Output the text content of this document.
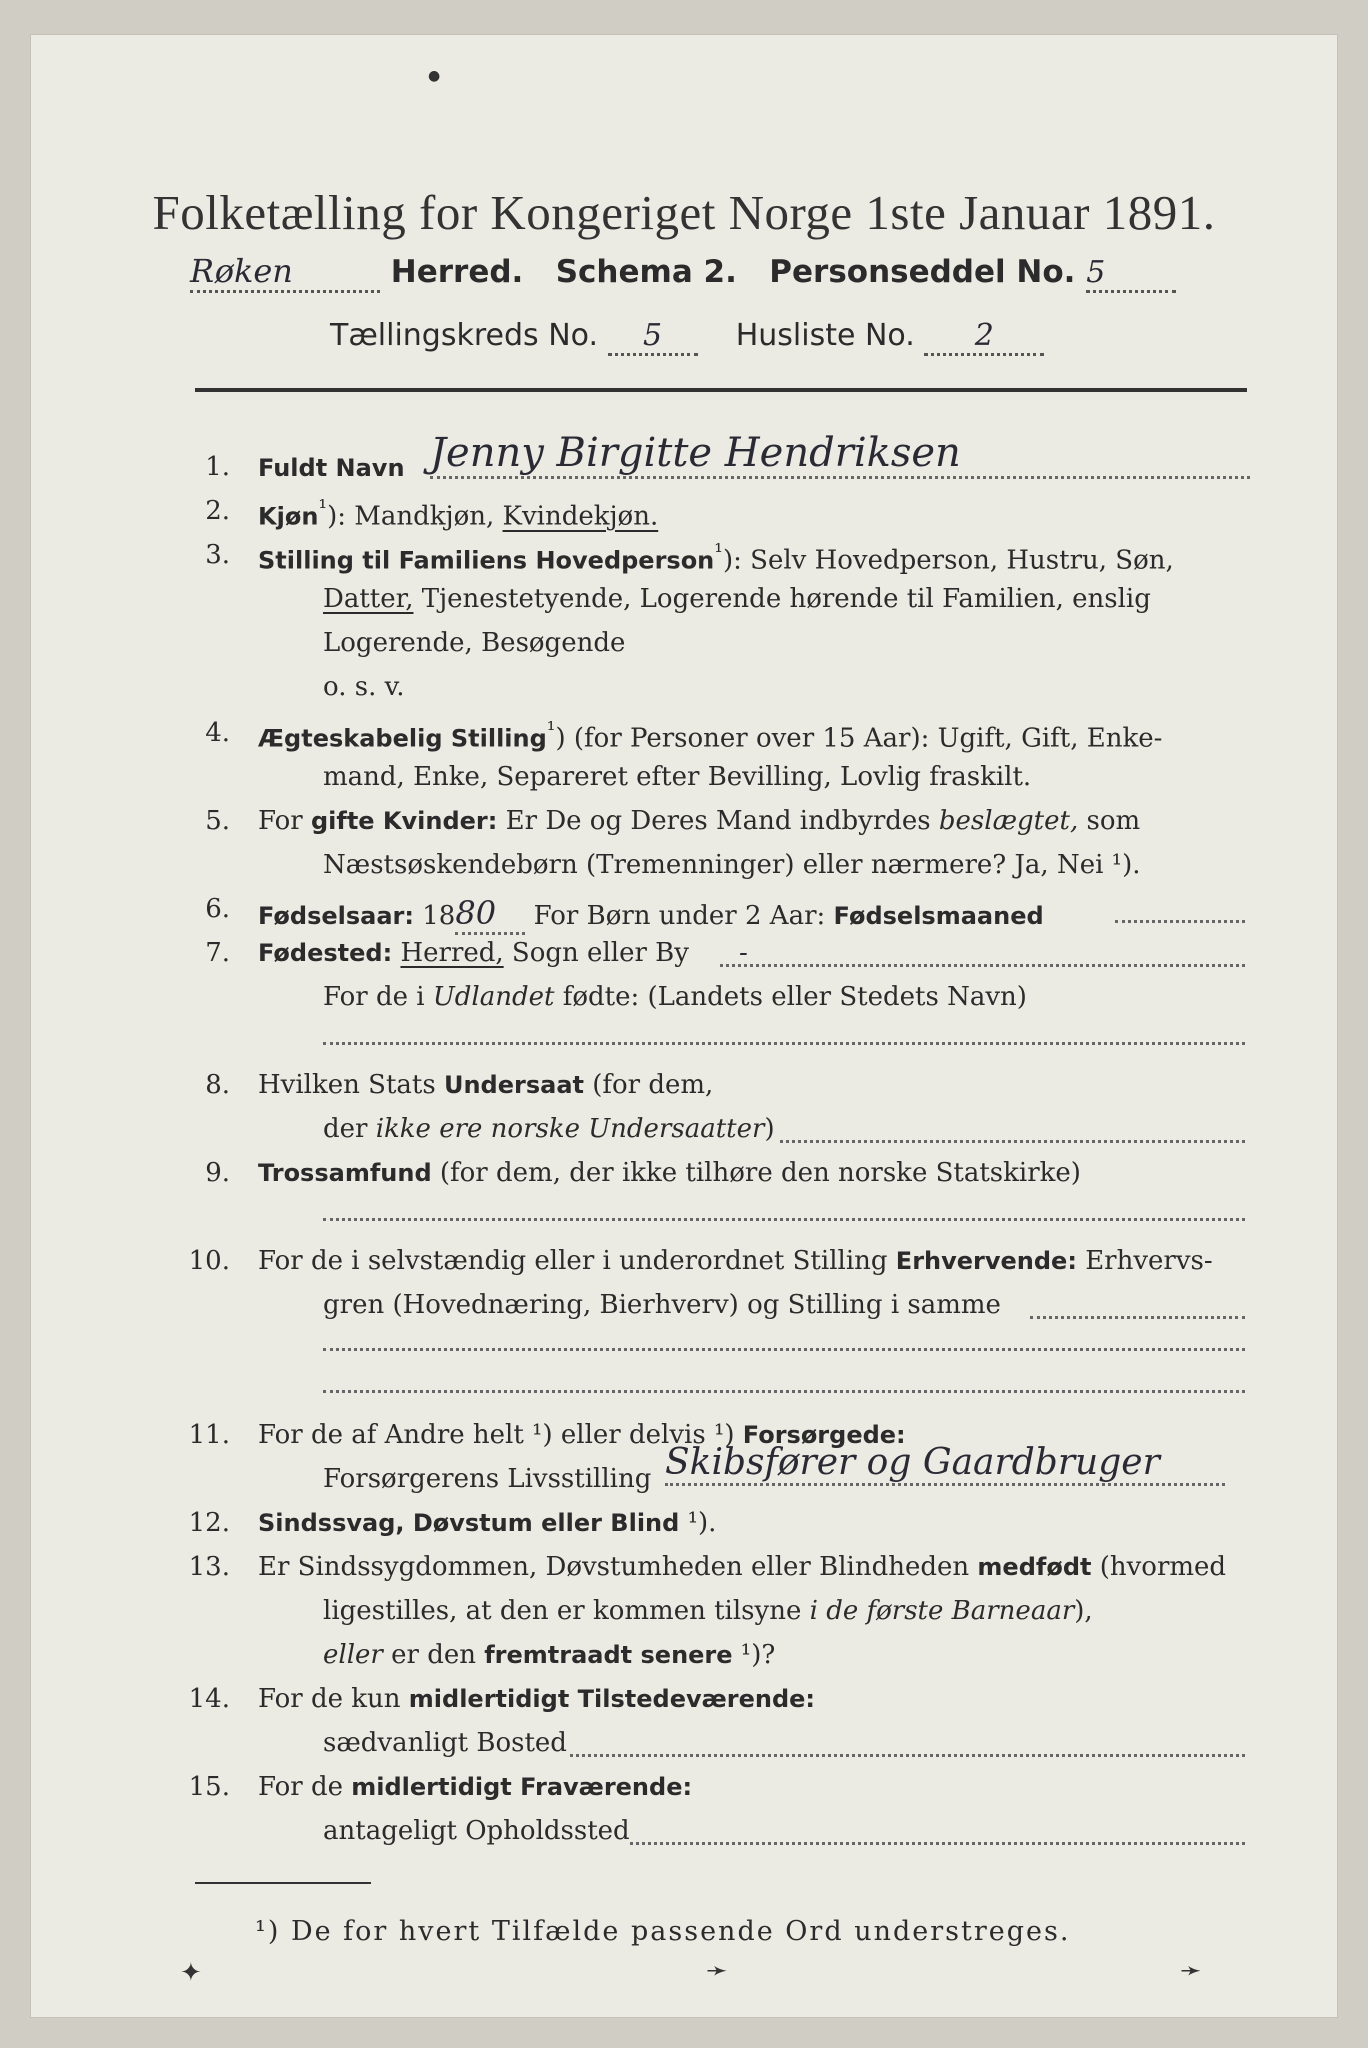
●
Folketælling for Kongeriget Norge 1ste Januar 1891.
Røken	Herred. Schema 2. Personseddel No. 5
Tællingskreds No. 5 Husliste No. 2
1. Fuldt Navn Jenny Birgitte Hendriksen
2. Kjøn$^{^1}$): Mandkjøn, Kvindekjøn.
3. Stilling til Familiens Hovedperson$^{^1}$): Selv Hovedperson, Hustru, Søn,
Datter, Tjenestetyende, Logerende hørende til Familien, enslig
Logerende, Besøgende
o. s. v.
4. Ægteskabelig Stilling$^{^1}$) (for Personer over 15 Aar): Ugift, Gift, Enke-
mand, Enke, Separeret efter Bevilling, Lovlig fraskilt.
5. For gifte Kvinder: Er De og Deres Mand indbyrdes beslægtet, som
Næstsøskendebørn (Tremenninger) eller nærmere? Ja, Nei ¹).
6. Fødselsaar: 1880 For Børn under 2 Aar: Fødselsmaaned
7. Fødested: Herred, Sogn eller By -
For de i Udlandet fødte: (Landets eller Stedets Navn)
8. Hvilken Stats Undersaat (for dem,
der ikke ere norske Undersaatter)
9. Trossamfund (for dem, der ikke tilhøre den norske Statskirke)
10. For de i selvstændig eller i underordnet Stilling Erhvervende: Erhvervs-
gren (Hovednæring, Bierhverv) og Stilling i samme
11. For de af Andre helt ¹) eller delvis ¹) Forsørgede:
Forsørgerens Livsstilling Skibsfører og Gaardbruger
12. Sindssvag, Døvstum eller Blind ¹).
13. Er Sindssygdommen, Døvstumheden eller Blindheden medfødt (hvormed
ligestilles, at den er kommen tilsyne i de første Barneaar),
eller er den fremtraadt senere ¹)?
14. For de kun midlertidigt Tilstedeværende:
sædvanligt Bosted
15. For de midlertidigt Fraværende:
antageligt Opholdssted
¹) De for hvert Tilfælde passende Ord understreges.
✦	➛	➛
